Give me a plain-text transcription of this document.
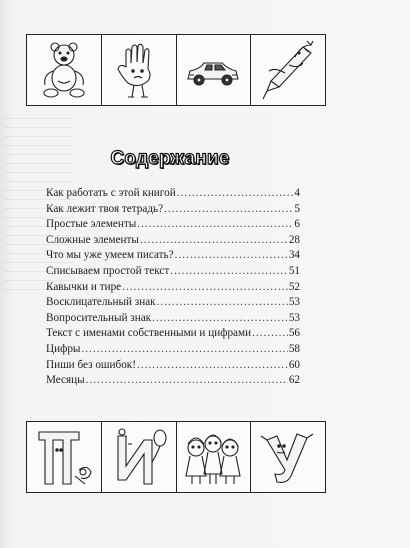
Содержание
Как работать с этой книгой .....	4
Как лежит твоя тетрадь? .....	5
Простые элементы .....	6
Сложные элементы .....	28
Что мы уже умеем писать? .....	34
Списываем простой текст .....	51
Кавычки и тире .....	52
Восклицательный знак .....	53
Вопросительный знак .....	53
Текст с именами собственными и цифрами .....	56
Цифры .....	58
Пиши без ошибок! .....	60
Месяцы .....	62
